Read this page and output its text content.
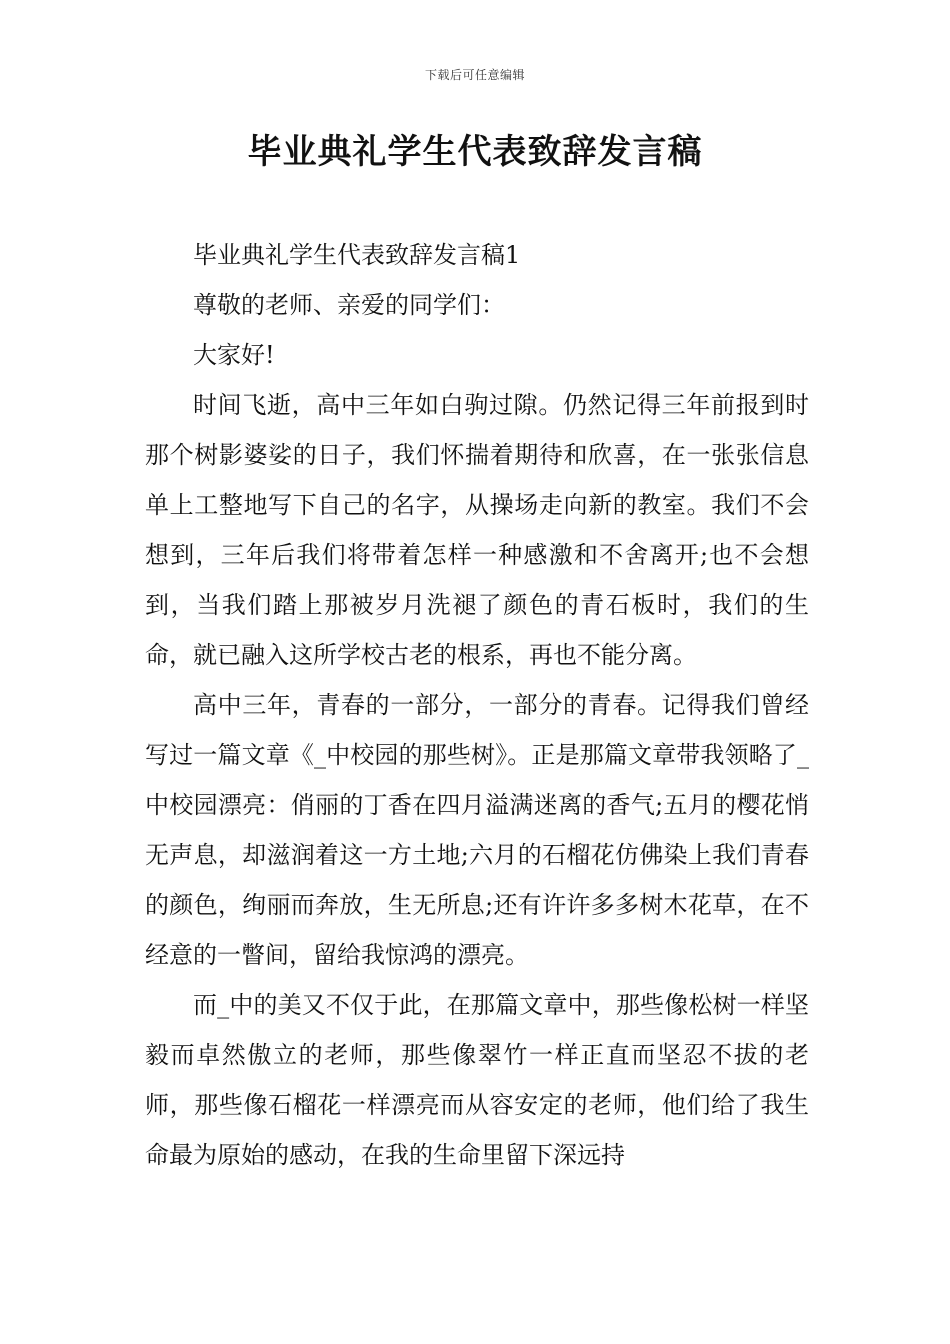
下载后可任意编辑
毕业典礼学生代表致辞发言稿

毕业典礼学生代表致辞发言稿1

尊敬的老师、亲爱的同学们：

大家好!

时间飞逝，高中三年如白驹过隙。仍然记得三年前报到时那个树影婆娑的日子，我们怀揣着期待和欣喜，在一张张信息单上工整地写下自己的名字，从操场走向新的教室。我们不会想到，三年后我们将带着怎样一种感激和不舍离开;也不会想到，当我们踏上那被岁月洗褪了颜色的青石板时，我们的生命，就已融入这所学校古老的根系，再也不能分离。

高中三年，青春的一部分，一部分的青春。记得我们曾经写过一篇文章《_中校园的那些树》。正是那篇文章带我领略了_中校园漂亮：俏丽的丁香在四月溢满迷离的香气;五月的樱花悄无声息，却滋润着这一方土地;六月的石榴花仿佛染上我们青春的颜色，绚丽而奔放，生无所息;还有许许多多树木花草，在不经意的一瞥间，留给我惊鸿的漂亮。

而_中的美又不仅于此，在那篇文章中，那些像松树一样坚毅而卓然傲立的老师，那些像翠竹一样正直而坚忍不拔的老师，那些像石榴花一样漂亮而从容安定的老师，他们给了我生命最为原始的感动，在我的生命里留下深远持
